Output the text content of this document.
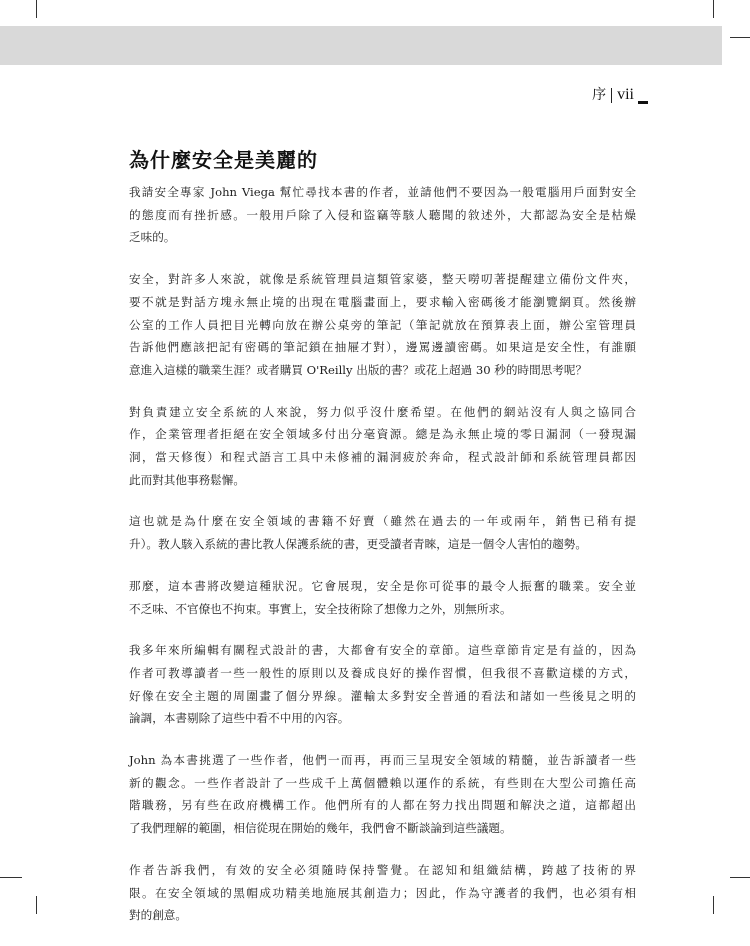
序 vii
為什麼安全是美麗的
我請安全專家 John Viega 幫忙尋找本書的作者，並請他們不要因為一般電腦用戶面對安全
的態度而有挫折感。一般用戶除了入侵和盜竊等駭人聽聞的敘述外，大都認為安全是枯燥
乏味的。
安全，對許多人來說，就像是系統管理員這類管家婆，整天嘮叨著提醒建立備份文件夾，
要不就是對話方塊永無止境的出現在電腦畫面上，要求輸入密碼後才能瀏覽網頁。然後辦
公室的工作人員把目光轉向放在辦公桌旁的筆記（筆記就放在預算表上面，辦公室管理員
告訴他們應該把記有密碼的筆記鎖在抽屜才對），邊罵邊讀密碼。如果這是安全性，有誰願
意進入這樣的職業生涯？或者購買 O'Reilly 出版的書？或花上超過 30 秒的時間思考呢？
對負責建立安全系統的人來說，努力似乎沒什麼希望。在他們的網站沒有人與之協同合
作，企業管理者拒絕在安全領域多付出分毫資源。總是為永無止境的零日漏洞（一發現漏
洞，當天修復）和程式語言工具中未修補的漏洞疲於奔命，程式設計師和系統管理員都因
此而對其他事務鬆懈。
這也就是為什麼在安全領域的書籍不好賣（雖然在過去的一年或兩年，銷售已稍有提
升）。教人駭入系統的書比教人保護系統的書，更受讀者青睞，這是一個令人害怕的趨勢。
那麼，這本書將改變這種狀況。它會展現，安全是你可從事的最令人振奮的職業。安全並
不乏味、不官僚也不拘束。事實上，安全技術除了想像力之外，別無所求。
我多年來所編輯有關程式設計的書，大都會有安全的章節。這些章節肯定是有益的，因為
作者可教導讀者一些一般性的原則以及養成良好的操作習慣，但我很不喜歡這樣的方式，
好像在安全主題的周圍畫了個分界線。灌輸太多對安全普通的看法和諸如一些後見之明的
論調，本書剔除了這些中看不中用的內容。
John 為本書挑選了一些作者，他們一而再，再而三呈現安全領域的精髓，並告訴讀者一些
新的觀念。一些作者設計了一些成千上萬個體賴以運作的系統，有些則在大型公司擔任高
階職務，另有些在政府機構工作。他們所有的人都在努力找出問題和解決之道，這都超出
了我們理解的範圍，相信從現在開始的幾年，我們會不斷談論到這些議題。
作者告訴我們，有效的安全必須隨時保持警覺。在認知和組織結構，跨越了技術的界
限。在安全領域的黑帽成功精美地施展其創造力；因此，作為守護者的我們，也必須有相
對的創意。
